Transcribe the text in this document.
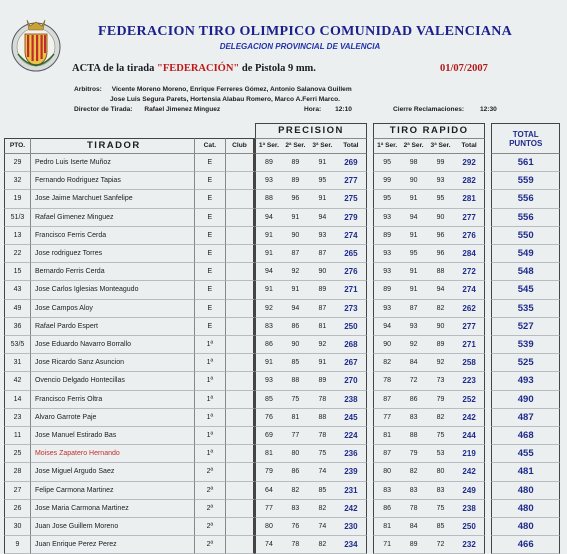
FEDERACION TIRO OLIMPICO COMUNIDAD VALENCIANA
DELEGACION PROVINCIAL DE VALENCIA
ACTA de la tirada "FEDERACIÓN" de Pistola 9 mm.	01/07/2007
Arbitros: Vicente Moreno Moreno, Enrique Ferreres Gómez, Antonio Salanova Guillem
Jose Luis Segura Parets, Hortensia Alabau Romero, Marco A.Ferri Marco.
Director de Tirada: Rafael Jimenez Minguez	Hora: 12:10	Cierre Reclamaciones: 12:30
				PRECISION					TIRO RAPIDO					TOTAL
PUNTOS

PTO.	TIRADOR	Cat.	Club	1ª Ser.	2ª Ser.	3ª Ser.	Total		1ª Ser.	2ª Ser.	3ª Ser.	Total		
29	Pedro Luis Iserte Muñoz	E		89	89	91	269		95	98	99	292		561
32	Fernando Rodriguez Tapias	E		93	89	95	277		99	90	93	282		559
19	Jose Jaime Marchuet Sanfelipe	E		88	96	91	275		95	91	95	281		556
51/3	Rafael Gimenez Minguez	E		94	91	94	279		93	94	90	277		556
13	Francisco Ferris Cerda	E		91	90	93	274		89	91	96	276		550
22	Jose rodriguez Torres	E		91	87	87	265		93	95	96	284		549
15	Bernardo Ferris Cerda	E		94	92	90	276		93	91	88	272		548
43	Jose Carlos Iglesias Monteagudo	E		91	91	89	271		89	91	94	274		545
49	Jose Campos Aloy	E		92	94	87	273		93	87	82	262		535
36	Rafael Pardo Espert	E		83	86	81	250		94	93	90	277		527
53/5	Jose Eduardo Navarro Borrallo	1ª		86	90	92	268		90	92	89	271		539
31	Jose Ricardo Sanz Asuncion	1ª		91	85	91	267		82	84	92	258		525
42	Ovencio Delgado Hontecillas	1ª		93	88	89	270		78	72	73	223		493
14	Francisco Ferris Oltra	1ª		85	75	78	238		87	86	79	252		490
23	Alvaro Garrote Paje	1ª		76	81	88	245		77	83	82	242		487
11	Jose Manuel Estirado Bas	1ª		69	77	78	224		81	88	75	244		468
25	Moises Zapatero Hernando	1ª		81	80	75	236		87	79	53	219		455
28	Jose Miguel Argudo Saez	2ª		79	86	74	239		80	82	80	242		481
27	Felipe Carmona Martinez	2ª		64	82	85	231		83	83	83	249		480
26	Jose Maria Carmona Martinez	2ª		77	83	82	242		86	78	75	238		480
30	Juan Jose Guillem Moreno	2ª		80	76	74	230		81	84	85	250		480
9	Juan Enrique Perez Perez	2ª		74	78	82	234		71	89	72	232		466
